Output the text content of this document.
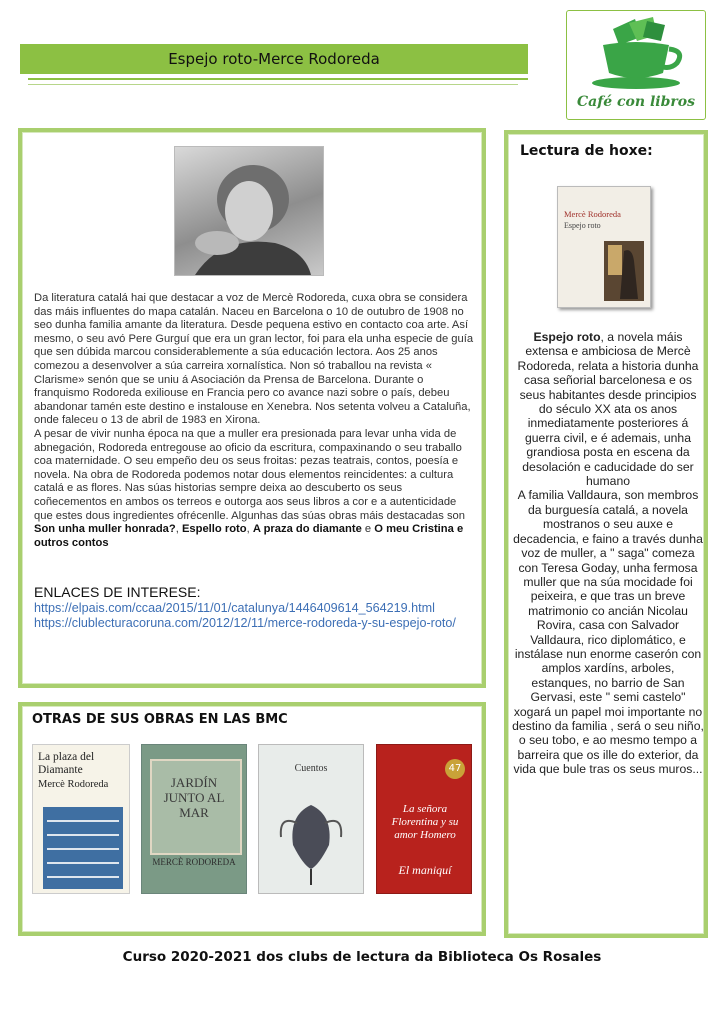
Espejo roto-Merce Rodoreda
Café con libros

Da literatura catalá hai que destacar a voz de Mercè Rodoreda, cuxa obra se considera das máis influentes do mapa catalán. Naceu en Barcelona o 10 de outubro de 1908 no seo dunha familia amante da literatura. Desde pequena estivo en contacto coa arte. Así mesmo, o seu avó Pere Gurguí que era un gran lector, foi para ela unha especie de guía que sen dúbida marcou considerablemente a súa educación lectora. Aos 25 anos comezou a desenvolver a súa carreira xornalística. Non só traballou na revista « Clarisme» senón que se uniu á Asociación da Prensa de Barcelona. Durante o franquismo Rodoreda exiliouse en Francia pero co avance nazi sobre o país, debeu abandonar tamén este destino e instalouse en Xenebra. Nos setenta volveu a Cataluña, onde faleceu o 13 de abril de 1983 en Xirona.

A pesar de vivir nunha época na que a muller era presionada para levar unha vida de abnegación, Rodoreda entregouse ao oficio da escritura, compaxinando o seu traballo coa maternidade. O seu empeño deu os seus froitas: pezas teatrais, contos, poesía e novela. Na obra de Rodoreda podemos notar dous elementos reincidentes: a cultura catalá e as flores. Nas súas historias sempre deixa ao descuberto os seus coñecementos en ambos os terreos e outorga aos seus libros a cor e a autenticidade que estes dous ingredientes ofrécenlle. Algunhas das súas obras máis destacadas son Son unha muller honrada?, Espello roto, A praza do diamante e O meu Cristina e outros contos

ENLACES DE INTERESE:
https://elpais.com/ccaa/2015/11/01/catalunya/1446409614_564219.html
https://clublecturacoruna.com/2012/12/11/merce-rodoreda-y-su-espejo-roto/
Lectura de hoxe:
Mercè Rodoreda
Espejo roto

Espejo roto, a novela máis extensa e ambiciosa de Mercè Rodoreda, relata a historia dunha casa señorial barcelonesa e os seus habitantes desde principios do século XX ata os anos inmediatamente posteriores á guerra civil, e é ademais, unha grandiosa posta en escena da desolación e caducidade do ser humano

A familia Valldaura, son membros da burguesía catalá, a novela mostranos o seu auxe e decadencia, e faino a través dunha voz de muller, a " saga" comeza con Teresa Goday, unha fermosa muller que na súa mocidade foi peixeira, e que tras un breve matrimonio co ancián Nicolau Rovira, casa con Salvador Valldaura, rico diplomático, e instálase nun enorme caserón con amplos xardíns, arboles, estanques, no barrio de San Gervasi, este " semi castelo" xogará un papel moi importante no destino da familia , será o seu niño, o seu tobo, e ao mesmo tempo a barreira que os ille do exterior, da vida que bule tras os seus muros...

OTRAS DE SUS OBRAS EN LAS BMC
La plaza del Diamante
Mercè Rodoreda	JARDÍN JUNTO AL MAR
MERCÈ RODOREDA
Cuentos	47
La señora Florentina y su amor Homero
El maniquí
Curso 2020-2021 dos clubs de lectura da Biblioteca Os Rosales
